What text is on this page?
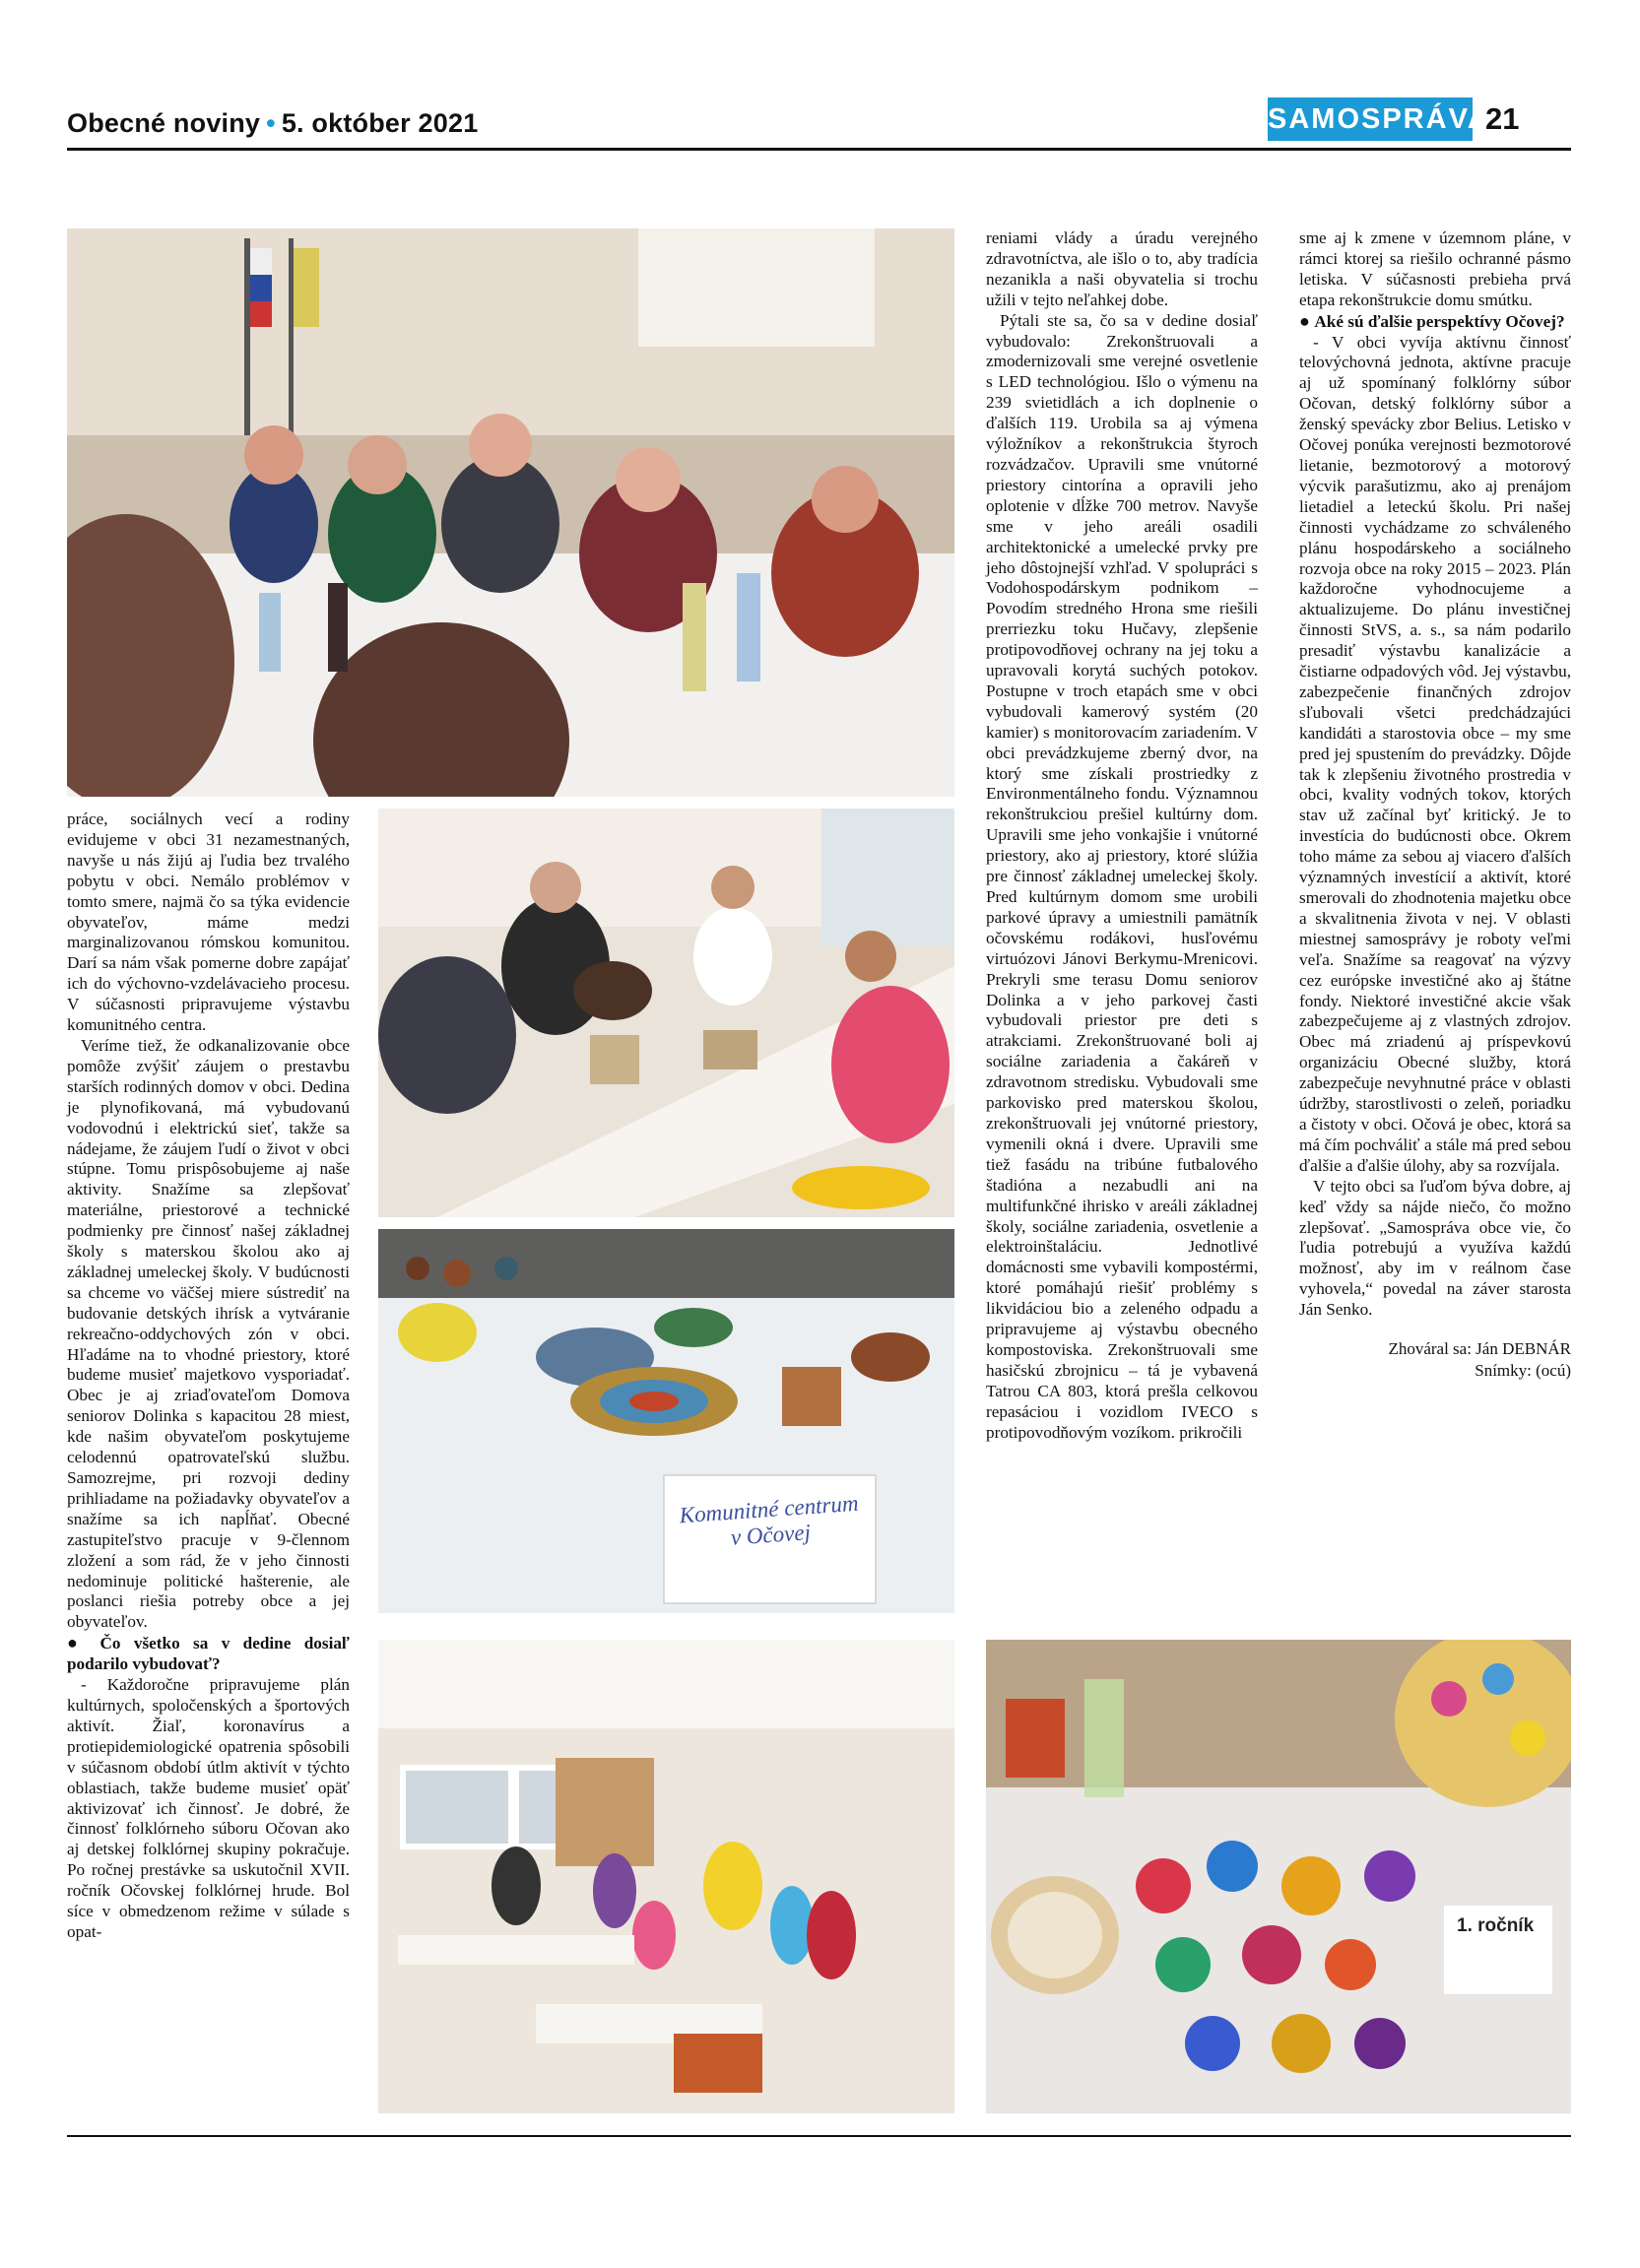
Obecné noviny • 5. október 2021	SAMOSPRÁVA
21
Komunitné centrum v Očovej
1. ročník

práce, sociálnych vecí a rodiny evidujeme v obci 31 nezamestnaných, navyše u nás žijú aj ľudia bez trvalého pobytu v obci. Nemálo problémov v tomto smere, najmä čo sa týka evidencie obyvateľov, máme medzi marginalizovanou rómskou komunitou. Darí sa nám však pomerne dobre zapájať ich do výchovno-vzdelávacieho procesu. V súčasnosti pripravujeme výstavbu komunitného centra.

Veríme tiež, že odkanalizovanie obce pomôže zvýšiť záujem o prestavbu starších rodinných domov v obci. Dedina je plynofikovaná, má vybudovanú vodovodnú i elektrickú sieť, takže sa nádejame, že záujem ľudí o život v obci stúpne. Tomu prispôsobujeme aj naše aktivity. Snažíme sa zlepšovať materiálne, priestorové a technické podmienky pre činnosť našej základnej školy s materskou školou ako aj základnej umeleckej školy. V budúcnosti sa chceme vo väčšej miere sústrediť na budovanie detských ihrísk a vytváranie rekreačno-oddychových zón v obci. Hľadáme na to vhodné priestory, ktoré budeme musieť majetkovo vysporiadať. Obec je aj zriaďovateľom Domova seniorov Dolinka s kapacitou 28 miest, kde našim obyvateľom poskytujeme celodennú opatrovateľskú službu. Samozrejme, pri rozvoji dediny prihliadame na požiadavky obyvateľov a snažíme sa ich napĺňať. Obecné zastupiteľstvo pracuje v 9-člennom zložení a som rád, že v jeho činnosti nedominuje politické hašterenie, ale poslanci riešia potreby obce a jej obyvateľov.

● Čo všetko sa v dedine dosiaľ podarilo vybudovať?

- Každoročne pripravujeme plán kultúrnych, spoločenských a športových aktivít. Žiaľ, koronavírus a protiepidemiologické opatrenia spôsobili v súčasnom období útlm aktivít v týchto oblastiach, takže budeme musieť opäť aktivizovať ich činnosť. Je dobré, že činnosť folklórneho súboru Očovan ako aj detskej folklórnej skupiny pokračuje. Po ročnej prestávke sa uskutočnil XVII. ročník Očovskej folklórnej hrude. Bol síce v obmedzenom režime v súlade s opat-

reniami vlády a úradu verejného zdravotníctva, ale išlo o to, aby tradícia nezanikla a naši obyvatelia si trochu užili v tejto neľahkej dobe.

Pýtali ste sa, čo sa v dedine dosiaľ vybudovalo: Zrekonštruovali a zmodernizovali sme verejné osvetlenie s LED technológiou. Išlo o výmenu na 239 svietidlách a ich doplnenie o ďalších 119. Urobila sa aj výmena výložníkov a rekonštrukcia štyroch rozvádzačov. Upravili sme vnútorné priestory cintorína a opravili jeho oplotenie v dĺžke 700 metrov. Navyše sme v jeho areáli osadili architektonické a umelecké prvky pre jeho dôstojnejší vzhľad. V spolupráci s Vodohospodárskym podnikom – Povodím stredného Hrona sme riešili prerriezku toku Hučavy, zlepšenie protipovodňovej ochrany na jej toku a upravovali korytá suchých potokov. Postupne v troch etapách sme v obci vybudovali kamerový systém (20 kamier) s monitorovacím zariadením. V obci prevádzkujeme zberný dvor, na ktorý sme získali prostriedky z Environmentálneho fondu. Významnou rekonštrukciou prešiel kultúrny dom. Upravili sme jeho vonkajšie i vnútorné priestory, ako aj priestory, ktoré slúžia pre činnosť základnej umeleckej školy. Pred kultúrnym domom sme urobili parkové úpravy a umiestnili pamätník očovskému rodákovi, husľovému virtuózovi Jánovi Berkymu-Mrenicovi. Prekryli sme terasu Domu seniorov Dolinka a v jeho parkovej časti vybudovali priestor pre deti s atrakciami. Zrekonštruované boli aj sociálne zariadenia a čakáreň v zdravotnom stredisku. Vybudovali sme parkovisko pred materskou školou, zrekonštruovali jej vnútorné priestory, vymenili okná i dvere. Upravili sme tiež fasádu na tribúne futbalového štadióna a nezabudli ani na multifunkčné ihrisko v areáli základnej školy, sociálne zariadenia, osvetlenie a elektroinštaláciu. Jednotlivé domácnosti sme vybavili kompostérmi, ktoré pomáhajú riešiť problémy s likvidáciou bio a zeleného odpadu a pripravujeme aj výstavbu obecného kompostoviska. Zrekonštruovali sme hasičskú zbrojnicu – tá je vybavená Tatrou CA 803, ktorá prešla celkovou repasáciou i vozidlom IVECO s protipovodňovým vozíkom. prikročili

sme aj k zmene v územnom pláne, v rámci ktorej sa riešilo ochranné pásmo letiska. V súčasnosti prebieha prvá etapa rekonštrukcie domu smútku.

● Aké sú ďalšie perspektívy Očovej?

- V obci vyvíja aktívnu činnosť telovýchovná jednota, aktívne pracuje aj už spomínaný folklórny súbor Očovan, detský folklórny súbor a ženský spevácky zbor Belius. Letisko v Očovej ponúka verejnosti bezmotorové lietanie, bezmotorový a motorový výcvik parašutizmu, ako aj prenájom lietadiel a leteckú školu. Pri našej činnosti vychádzame zo schváleného plánu hospodárskeho a sociálneho rozvoja obce na roky 2015 – 2023. Plán každoročne vyhodnocujeme a aktualizujeme. Do plánu investičnej činnosti StVS, a. s., sa nám podarilo presadiť výstavbu kanalizácie a čistiarne odpadových vôd. Jej výstavbu, zabezpečenie finančných zdrojov sľubovali všetci predchádzajúci kandidáti a starostovia obce – my sme pred jej spustením do prevádzky. Dôjde tak k zlepšeniu životného prostredia v obci, kvality vodných tokov, ktorých stav už začínal byť kritický. Je to investícia do budúcnosti obce. Okrem toho máme za sebou aj viacero ďalších významných investícií a aktivít, ktoré smerovali do zhodnotenia majetku obce a skvalitnenia života v nej. V oblasti miestnej samosprávy je roboty veľmi veľa. Snažíme sa reagovať na výzvy cez európske investičné ako aj štátne fondy. Niektoré investičné akcie však zabezpečujeme aj z vlastných zdrojov. Obec má zriadenú aj príspevkovú organizáciu Obecné služby, ktorá zabezpečuje nevyhnutné práce v oblasti údržby, starostlivosti o zeleň, poriadku a čistoty v obci. Očová je obec, ktorá sa má čím pochváliť a stále má pred sebou ďalšie a ďalšie úlohy, aby sa rozvíjala.

V tejto obci sa ľuďom býva dobre, aj keď vždy sa nájde niečo, čo možno zlepšovať. „Samospráva obce vie, čo ľudia potrebujú a využíva každú možnosť, aby im v reálnom čase vyhovela,“ povedal na záver starosta Ján Senko.

Zhováral sa: Ján DEBNÁR
Snímky: (ocú)
